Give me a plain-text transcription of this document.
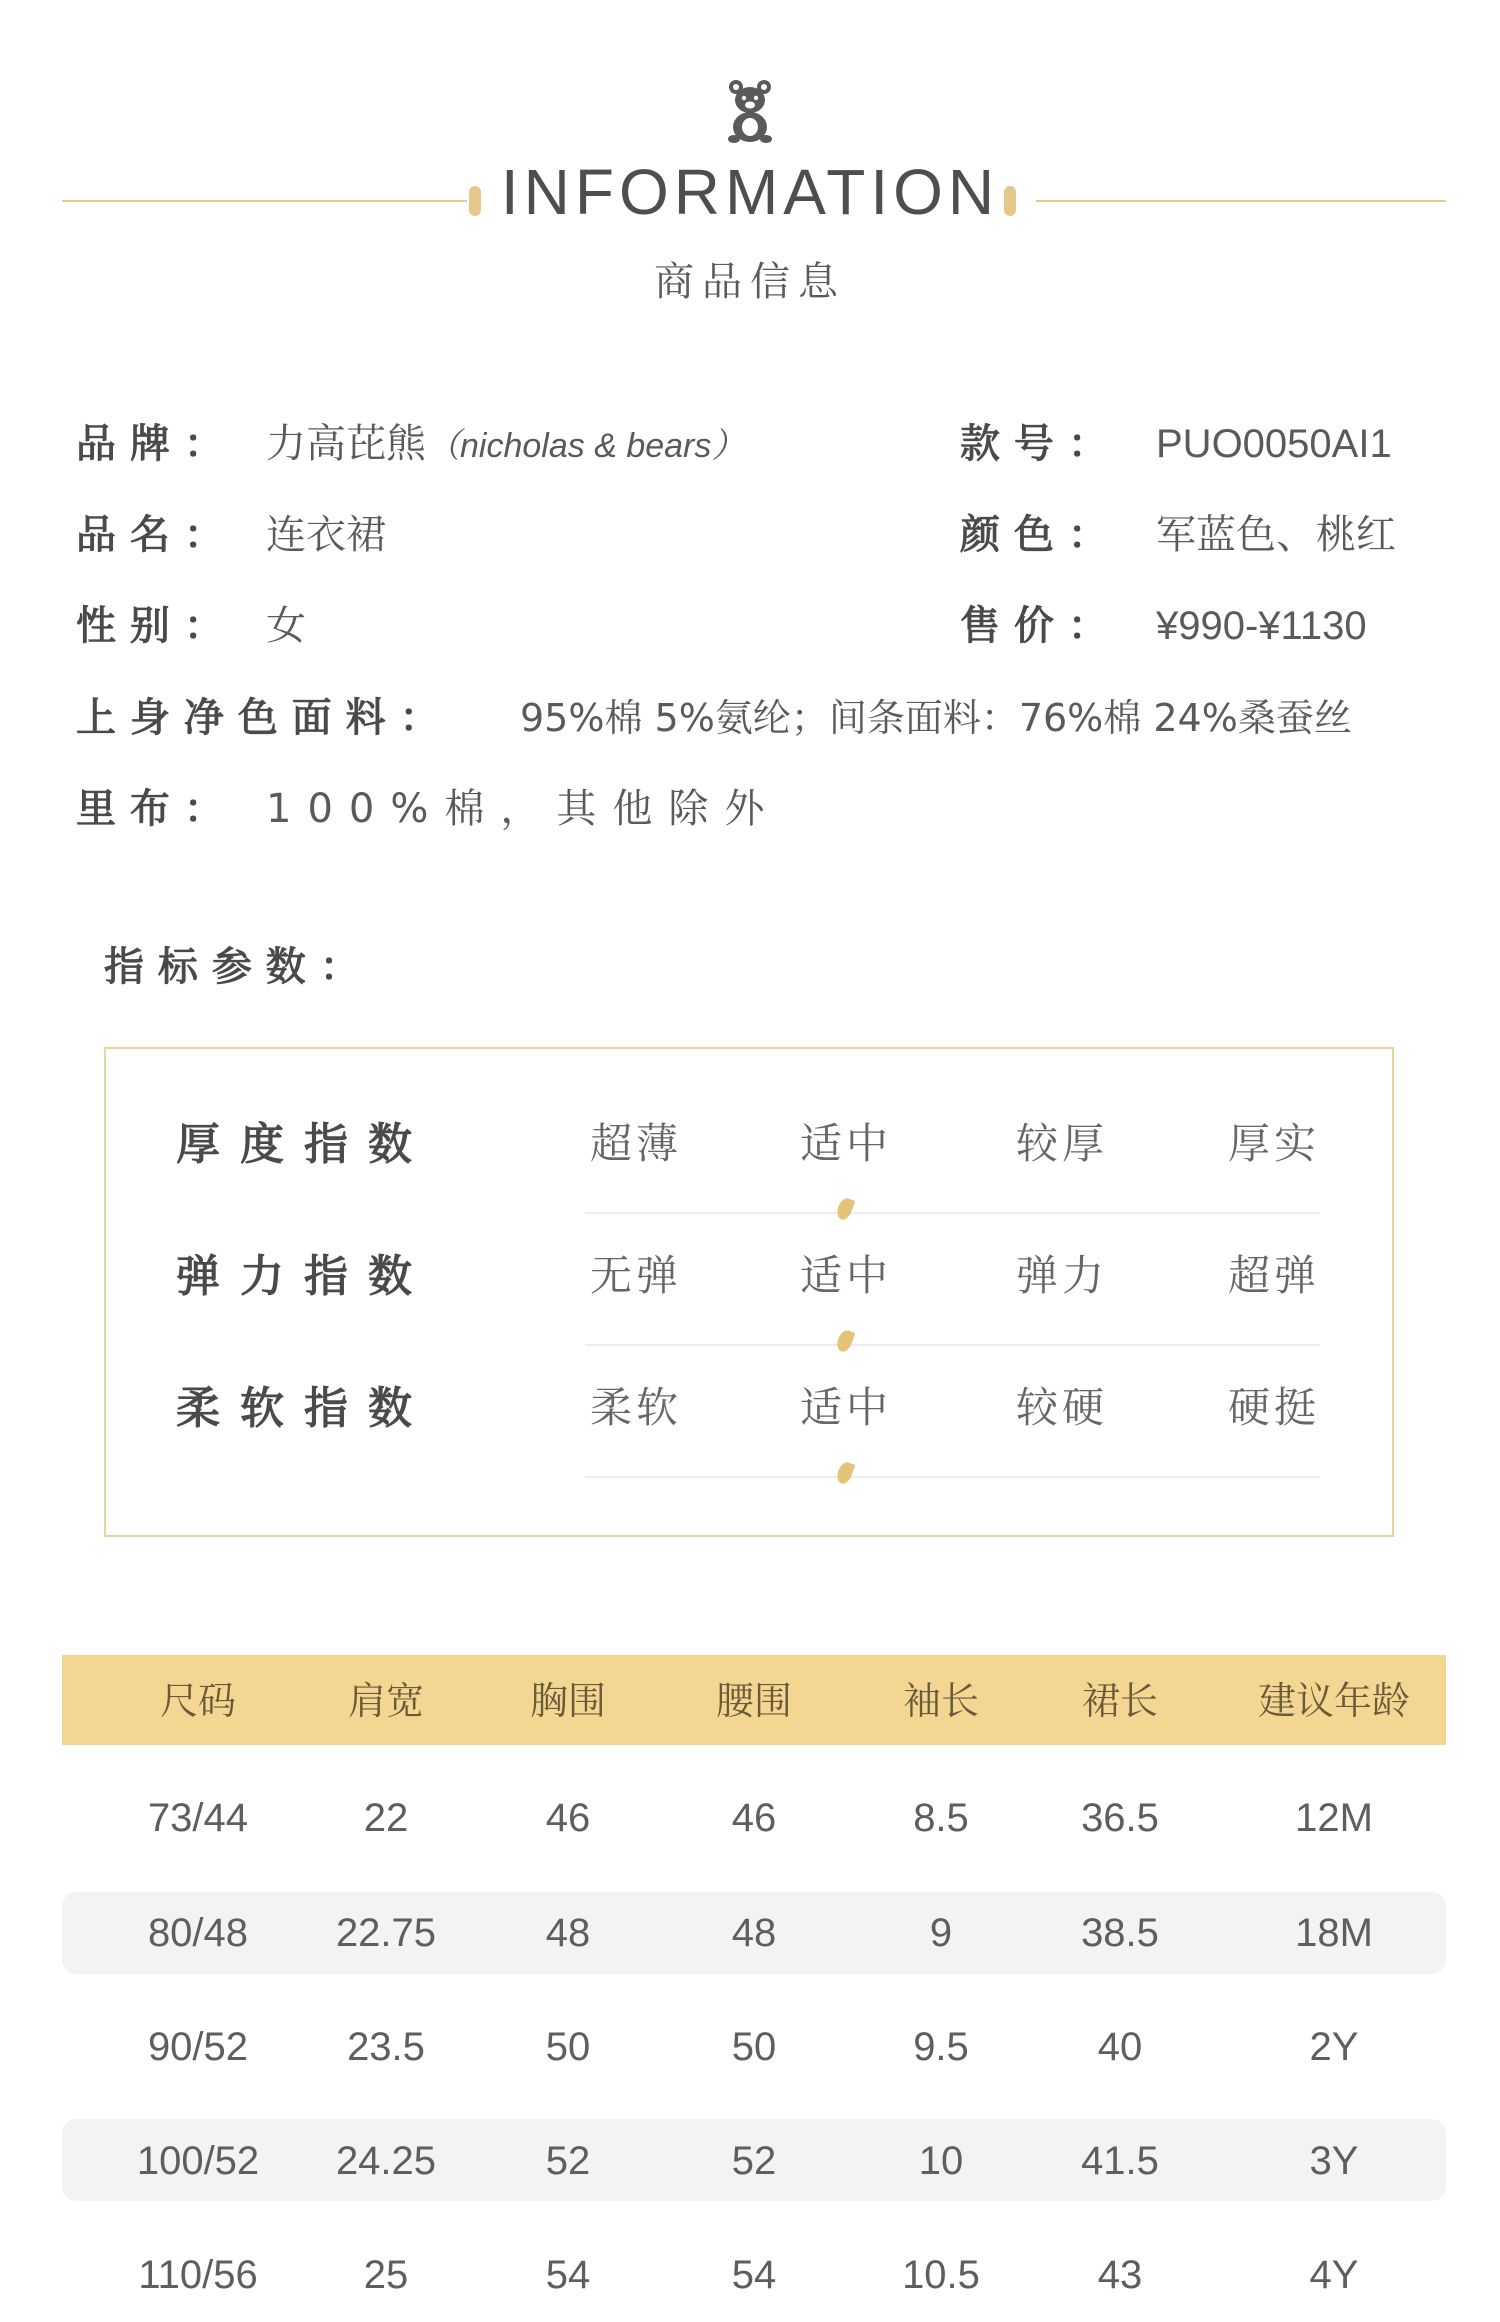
INFORMATION
商品信息
品 牌 ： 力高芘熊（nicholas & bears）	款 号 ： PUO0050AI1
品 名 ： 连衣裙	颜 色 ： 军蓝色、桃红
性 别 ： 女	售 价 ： ¥990-¥1130
上 身 净 色 面 料 ： 95%棉 5%氨纶；间条面料：76%棉 24%桑蚕丝
里 布 ： 100%棉，其他除外
指 标 参 数 ：
厚度指数	超薄	适中	较厚	厚实
弹力指数	无弹	适中	弹力	超弹
柔软指数	柔软	适中	较硬	硬挺
尺码	肩宽	胸围	腰围	袖长	裙长	建议年龄
73/44	22	46	46	8.5	36.5	12M
80/48	22.75	48	48	9	38.5	18M
90/52	23.5	50	50	9.5	40	2Y
100/52	24.25	52	52	10	41.5	3Y
110/56	25	54	54	10.5	43	4Y
